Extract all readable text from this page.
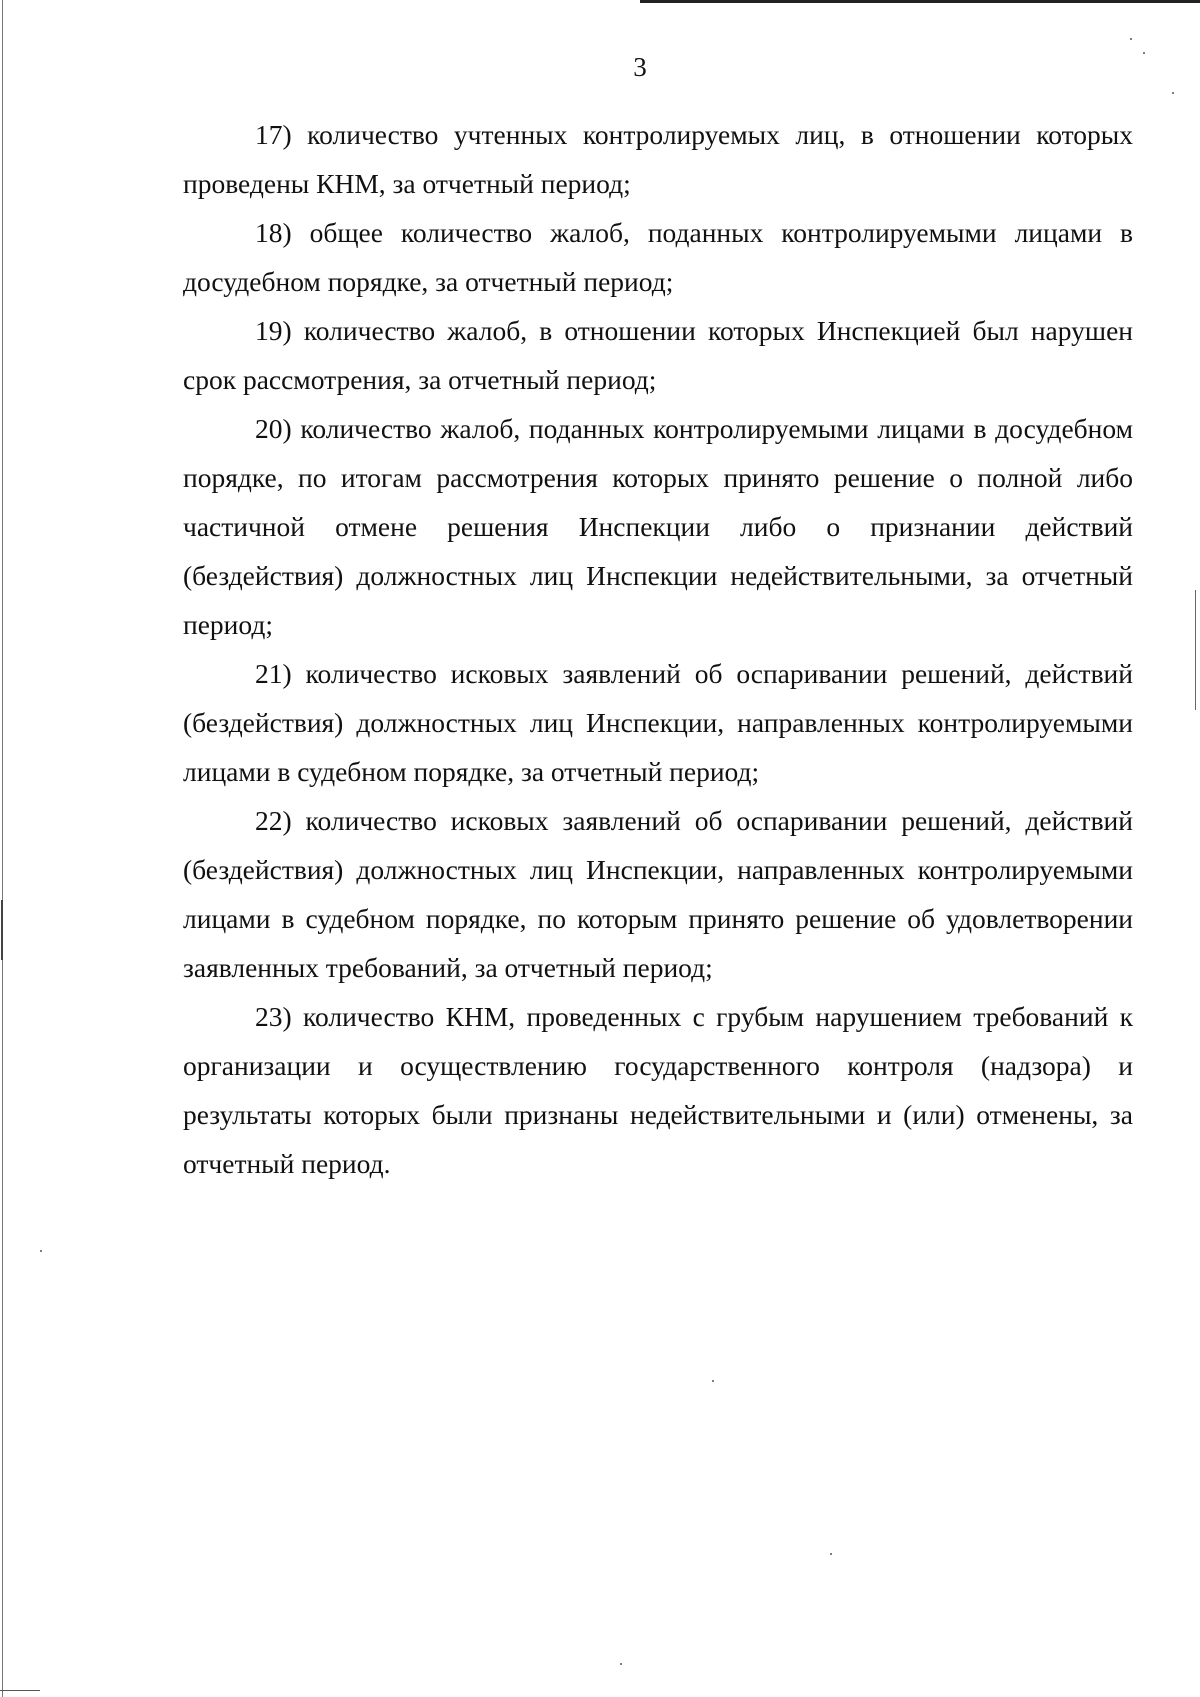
3

17) количество учтенных контролируемых лиц, в отношении которых проведены КНМ, за отчетный период;

18) общее количество жалоб, поданных контролируемыми лицами в досудебном порядке, за отчетный период;

19) количество жалоб, в отношении которых Инспекцией был нарушен срок рассмотрения, за отчетный период;

20) количество жалоб, поданных контролируемыми лицами в досудебном порядке, по итогам рассмотрения которых принято решение о полной либо частичной отмене решения Инспекции либо о признании действий (бездействия) должностных лиц Инспекции недействительными, за отчетный период;

21) количество исковых заявлений об оспаривании решений, действий (бездействия) должностных лиц Инспекции, направленных контролируемыми лицами в судебном порядке, за отчетный период;

22) количество исковых заявлений об оспаривании решений, действий (бездействия) должностных лиц Инспекции, направленных контролируемыми лицами в судебном порядке, по которым принято решение об удовлетворении заявленных требований, за отчетный период;

23) количество КНМ, проведенных с грубым нарушением требований к организации и осуществлению государственного контроля (надзора) и результаты которых были признаны недействительными и (или) отменены, за отчетный период.
